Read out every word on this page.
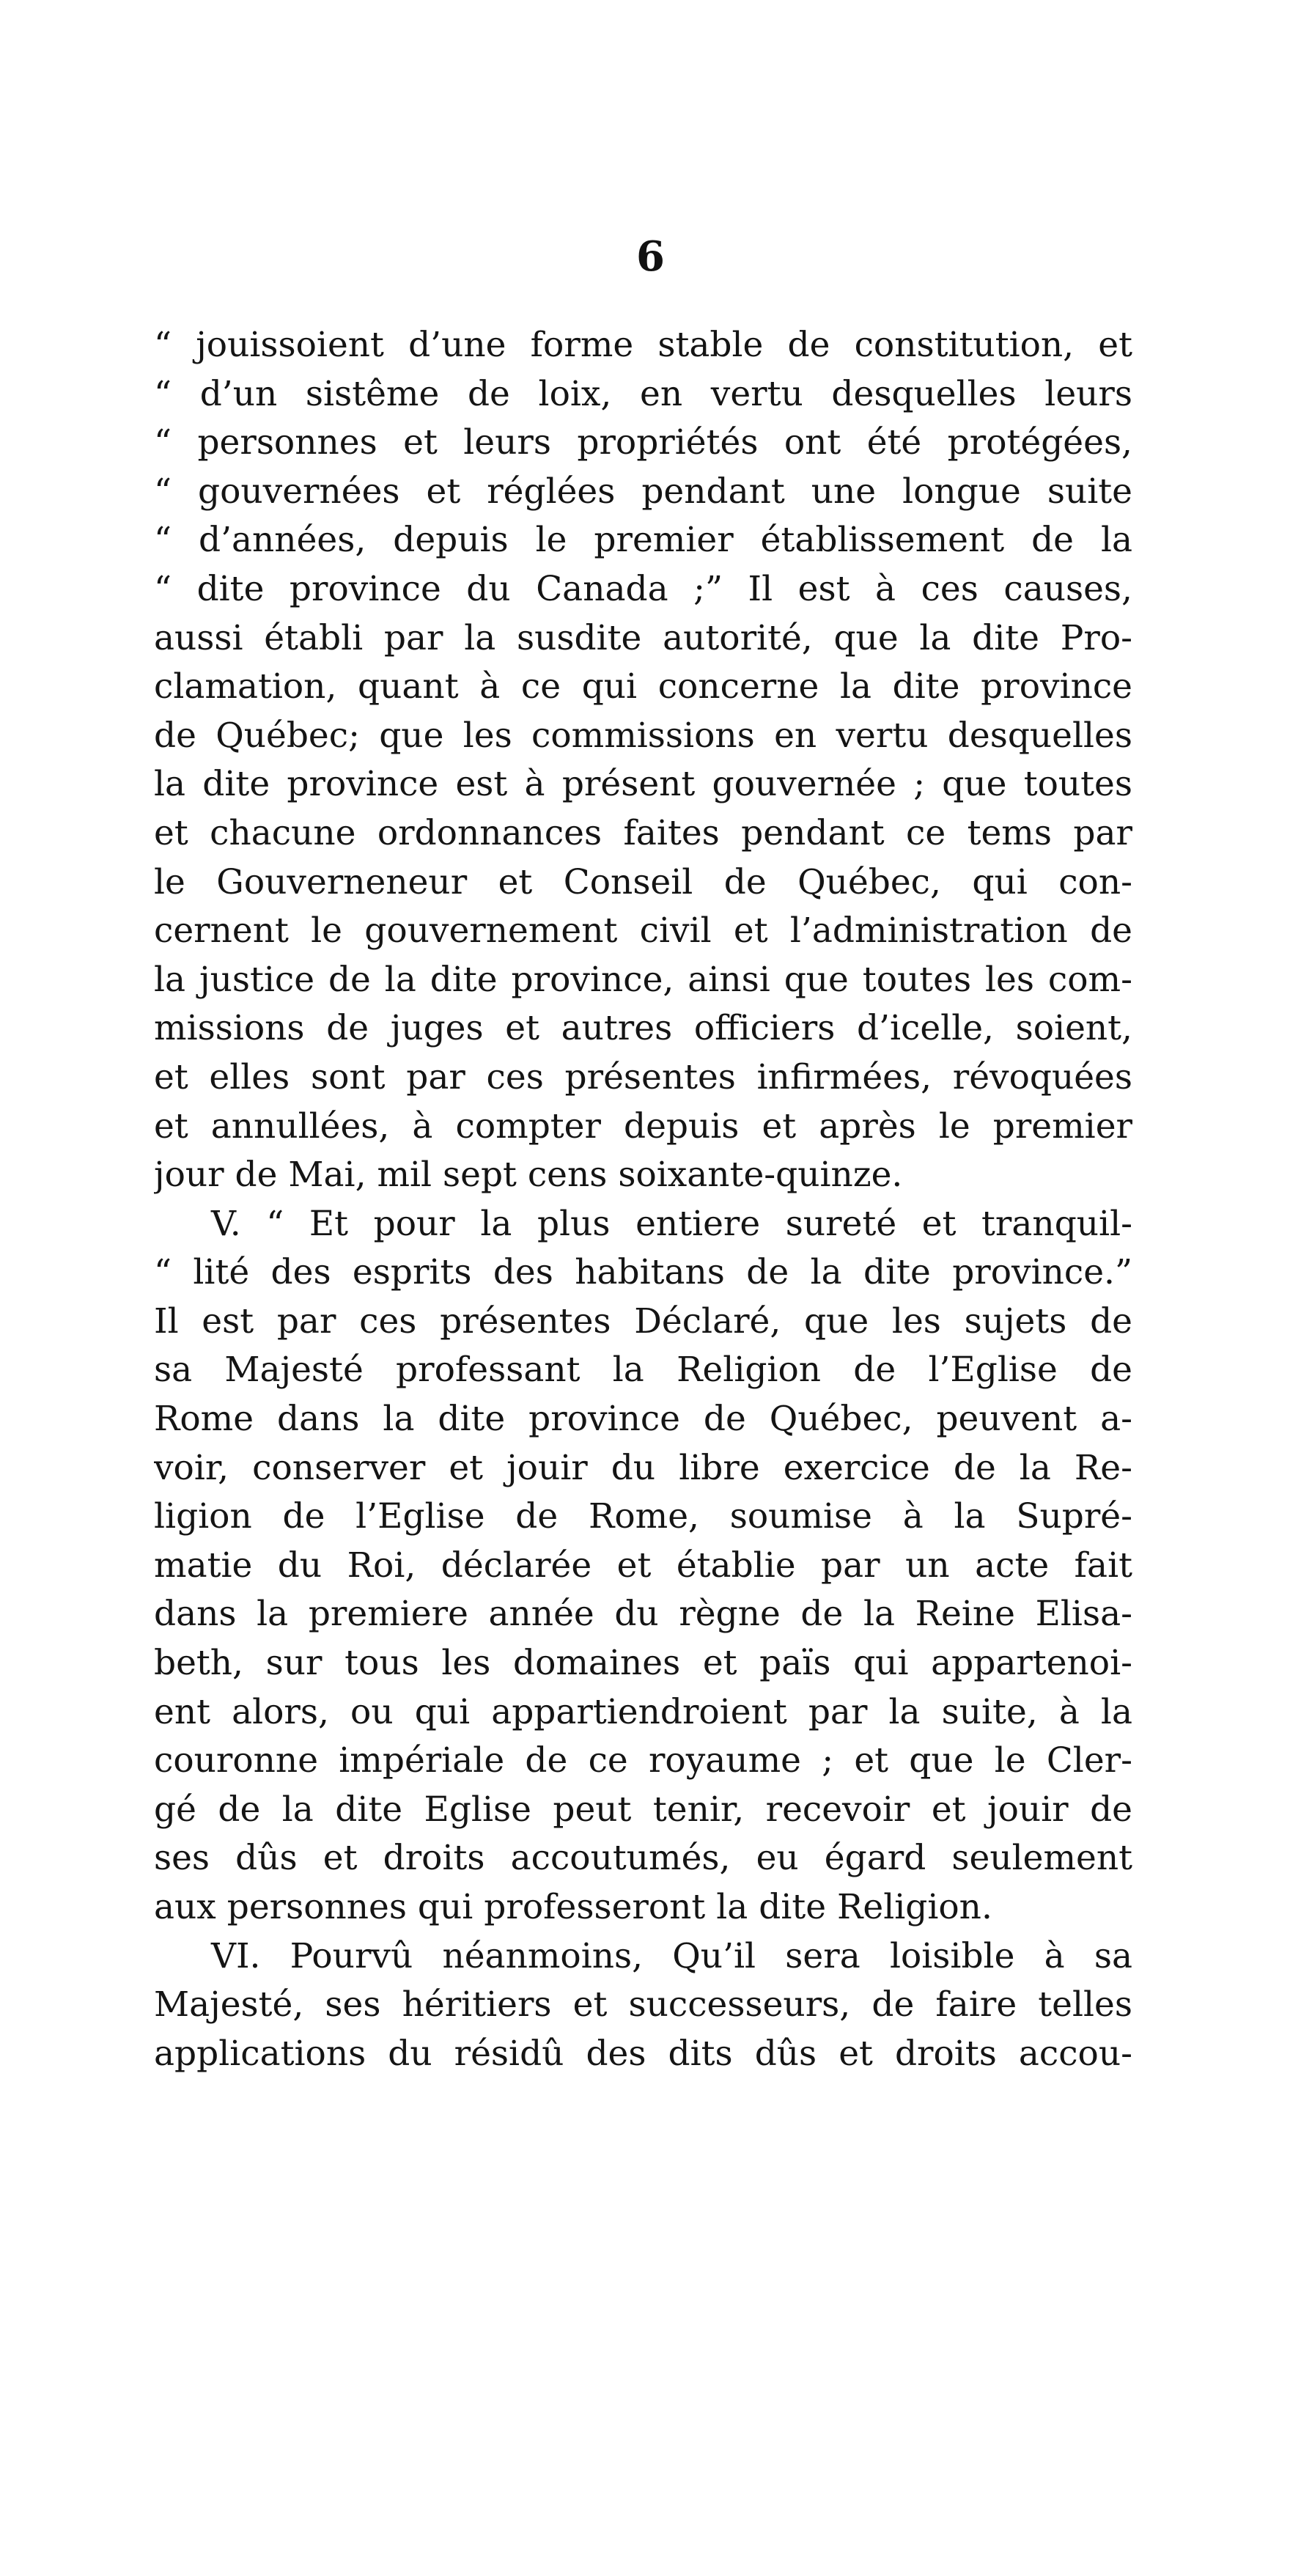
6
“ jouissoient d’une forme stable de constitution, et
“ d’un sistême de loix, en vertu desquelles leurs
“ personnes et leurs propriétés ont été protégées,
“ gouvernées et réglées pendant une longue suite
“ d’années, depuis le premier établissement de la
“ dite province du Canada ;” Il est à ces causes,
aussi établi par la susdite autorité, que la dite Pro-
clamation, quant à ce qui concerne la dite province
de Québec; que les commissions en vertu desquelles
la dite province est à présent gouvernée ; que toutes
et chacune ordonnances faites pendant ce tems par
le Gouverneneur et Conseil de Québec, qui con-
cernent le gouvernement civil et l’administration de
la justice de la dite province, ainsi que toutes les com-
missions de juges et autres officiers d’icelle, soient,
et elles sont par ces présentes infirmées, révoquées
et annullées, à compter depuis et après le premier
jour de Mai, mil sept cens soixante-quinze.
V. “ Et pour la plus entiere sureté et tranquil-
“ lité des esprits des habitans de la dite province.”
Il est par ces présentes Déclaré, que les sujets de
sa Majesté professant la Religion de l’Eglise de
Rome dans la dite province de Québec, peuvent a-
voir, conserver et jouir du libre exercice de la Re-
ligion de l’Eglise de Rome, soumise à la Supré-
matie du Roi, déclarée et établie par un acte fait
dans la premiere année du règne de la Reine Elisa-
beth, sur tous les domaines et païs qui appartenoi-
ent alors, ou qui appartiendroient par la suite, à la
couronne impériale de ce royaume ; et que le Cler-
gé de la dite Eglise peut tenir, recevoir et jouir de
ses dûs et droits accoutumés, eu égard seulement
aux personnes qui professeront la dite Religion.
VI. Pourvû néanmoins, Qu’il sera loisible à sa
Majesté, ses héritiers et successeurs, de faire telles
applications du résidû des dits dûs et droits accou-
